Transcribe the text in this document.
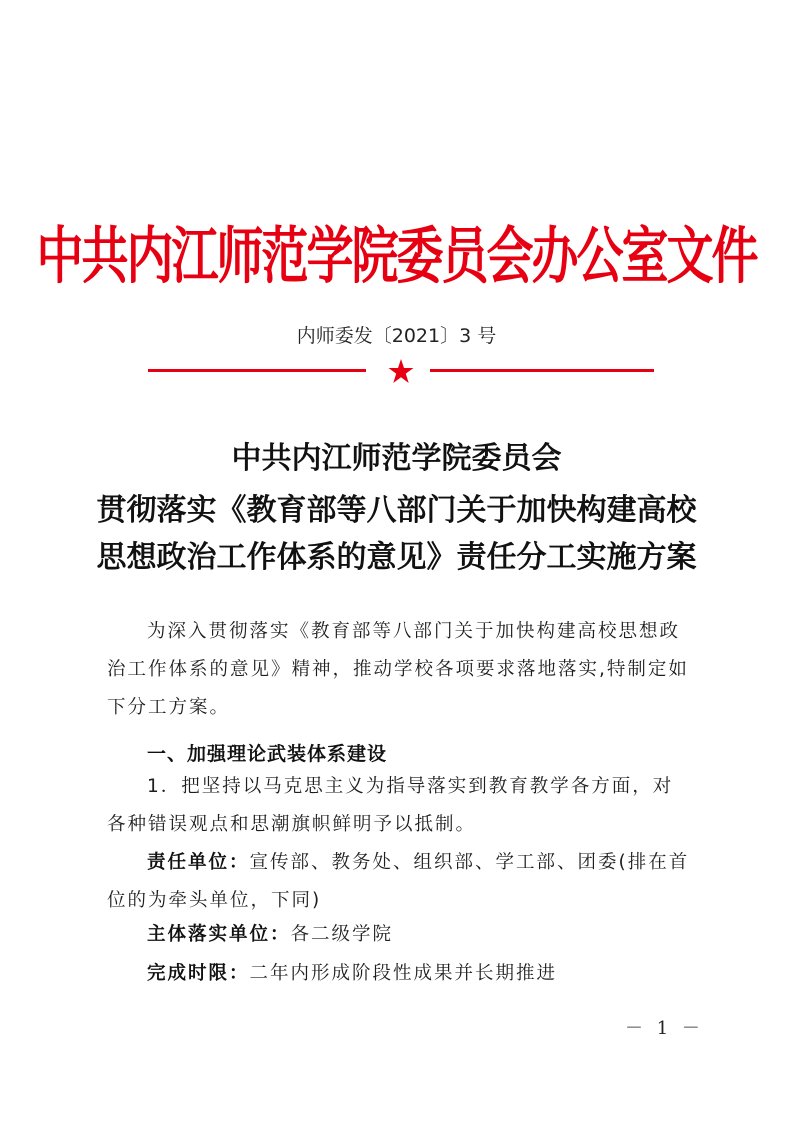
中共内江师范学院委员会办公室文件
内师委发〔2021〕3 号
中共内江师范学院委员会
贯彻落实《教育部等八部门关于加快构建高校
思想政治工作体系的意见》责任分工实施方案
为深入贯彻落实《教育部等八部门关于加快构建高校思想政治工作体系的意见》精神，推动学校各项要求落地落实,特制定如下分工方案。
一、加强理论武装体系建设
1．把坚持以马克思主义为指导落实到教育教学各方面，对各种错误观点和思潮旗帜鲜明予以抵制。
责任单位：宣传部、教务处、组织部、学工部、团委(排在首位的为牵头单位，下同)
主体落实单位：各二级学院
完成时限：二年内形成阶段性成果并长期推进
－ 1 －
